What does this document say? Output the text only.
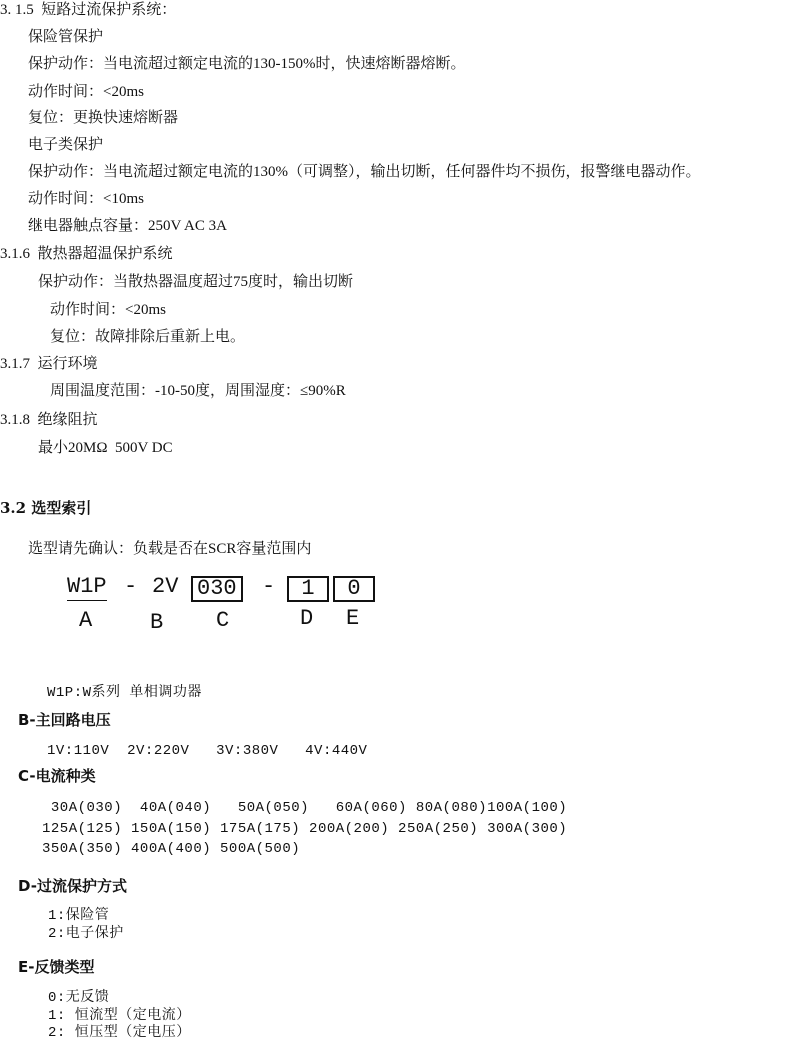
3. 1.5  短路过流保护系统：
保险管保护
保护动作：当电流超过额定电流的130-150%时，快速熔断器熔断。
动作时间：<20ms
复位：更换快速熔断器
电子类保护
保护动作：当电流超过额定电流的130%（可调整），输出切断，任何器件均不损伤，报警继电器动作。
动作时间：<10ms
继电器触点容量：250V AC 3A
3.1.6  散热器超温保护系统
保护动作：当散热器温度超过75度时，输出切断
动作时间：<20ms
复位：故障排除后重新上电。
3.1.7  运行环境
周围温度范围：-10-50度，周围湿度：≤90%R
3.1.8  绝缘阻抗
最小20MΩ  500V DC
3.2 选型索引
选型请先确认：负载是否在SCR容量范围内
W1P - 2V 030 -	1	0
A	B C	D E
W1P:W系列 单相调功器
B-主回路电压
1V:110V  2V:220V   3V:380V   4V:440V
C-电流种类
30A(030)  40A(040)   50A(050)   60A(060) 80A(080)100A(100)
125A(125) 150A(150) 175A(175) 200A(200) 250A(250) 300A(300)
350A(350) 400A(400) 500A(500)
D-过流保护方式
1:保险管
2:电子保护
E-反馈类型
0:无反馈
1: 恒流型（定电流）
2: 恒压型（定电压）
